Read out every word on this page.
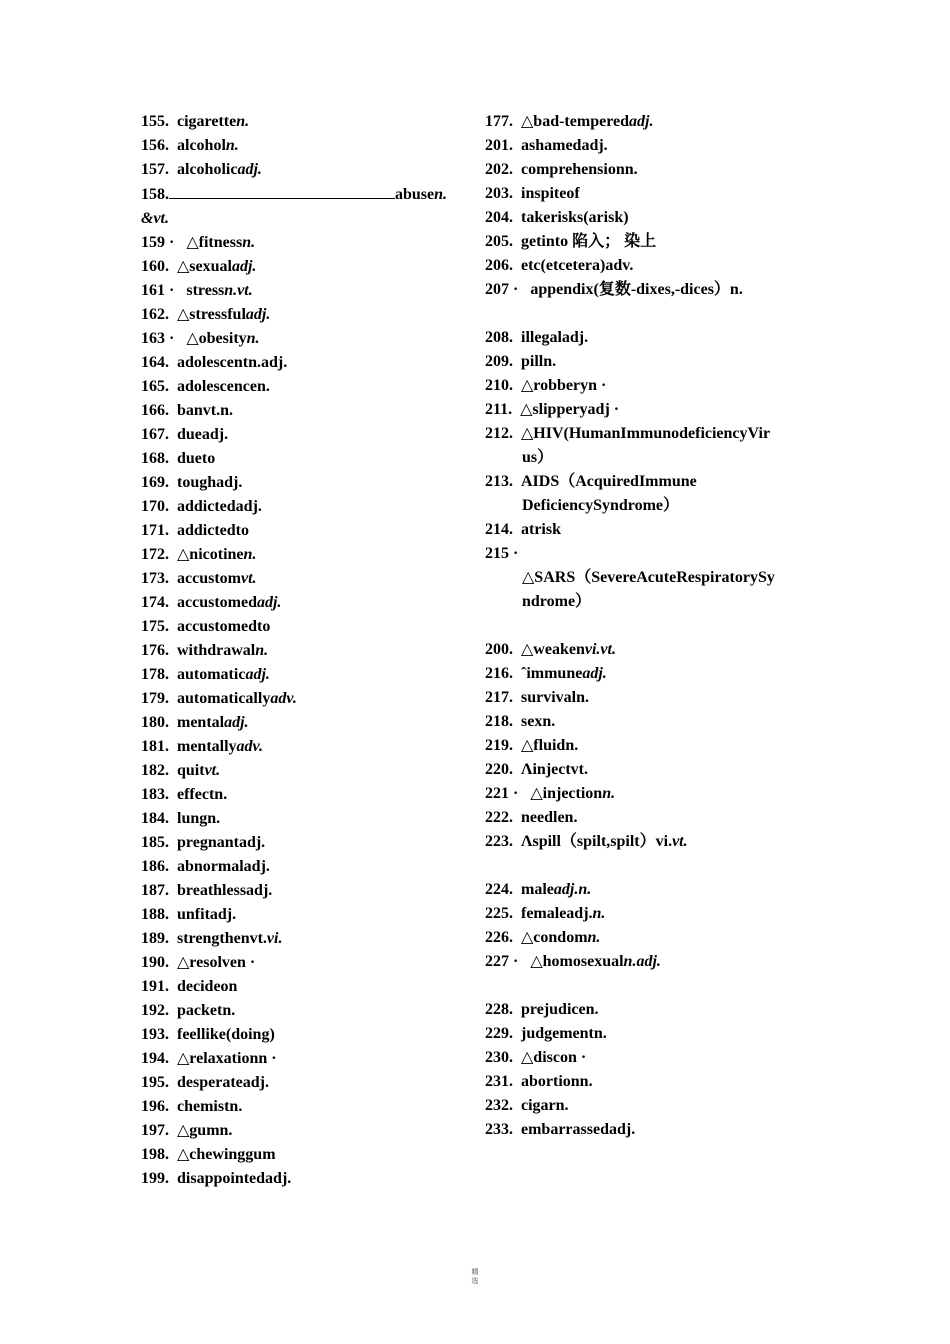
155. cigaretten.
156. alcoholn.
157. alcoholicadj.
158.	abusen.
&vt.
159 ·   △fitnessn.
160. △sexualadj.
161 ·   stressn.vt.
162. △stressfuladj.
163 ·   △obesityn.
164. adolescentn.adj.
165. adolescencen.
166. banvt.n.
167. dueadj.
168. dueto
169. toughadj.
170. addictedadj.
171. addictedto
172. △nicotinen.
173. accustomvt.
174. accustomedadj.
175. accustomedto
176. withdrawaln.
178. automaticadj.
179. automaticallyadv.
180. mentaladj.
181. mentallyadv.
182. quitvt.
183. effectn.
184. lungn.
185. pregnantadj.
186. abnormaladj.
187. breathlessadj.
188. unfitadj.
189. strengthenvt.vi.
190. △resolven ·
191. decideon
192. packetn.
193. feellike(doing)
194. △relaxationn ·
195. desperateadj.
196. chemistn.
197. △gumn.
198. △chewinggum
199. disappointedadj.
177. △bad-temperedadj.
201. ashamedadj.
202. comprehensionn.
203. inspiteof
204. takerisks(arisk)
205. getinto 陷入； 染上
206. etc(etcetera)adv.
207 ·   appendix(复数-dixes,-dices）n.
208. illegaladj.
209. pilln.
210. △robberyn ·
211. △slipperyadj ·
212. △HIV(HumanImmunodeficiencyVir
us）
213. AIDS（AcquiredImmune
DeficiencySyndrome）
214. atrisk
215 ·
△SARS（SevereAcuteRespiratorySy
ndrome）
200. △weakenvi.vt.
216. ˆimmuneadj.
217. survivaln.
218. sexn.
219. △fluidn.
220. Λinjectvt.
221 ·   △injectionn.
222. needlen.
223. Λspill（spilt,spilt）vi.vt.
224. maleadj.n.
225. femaleadj.n.
226. △condomn.
227 ·   △homosexualn.adj.
228. prejudicen.
229. judgementn.
230. △discon ·
231. abortionn.
232. cigarn.
233. embarrassedadj.
精
选
